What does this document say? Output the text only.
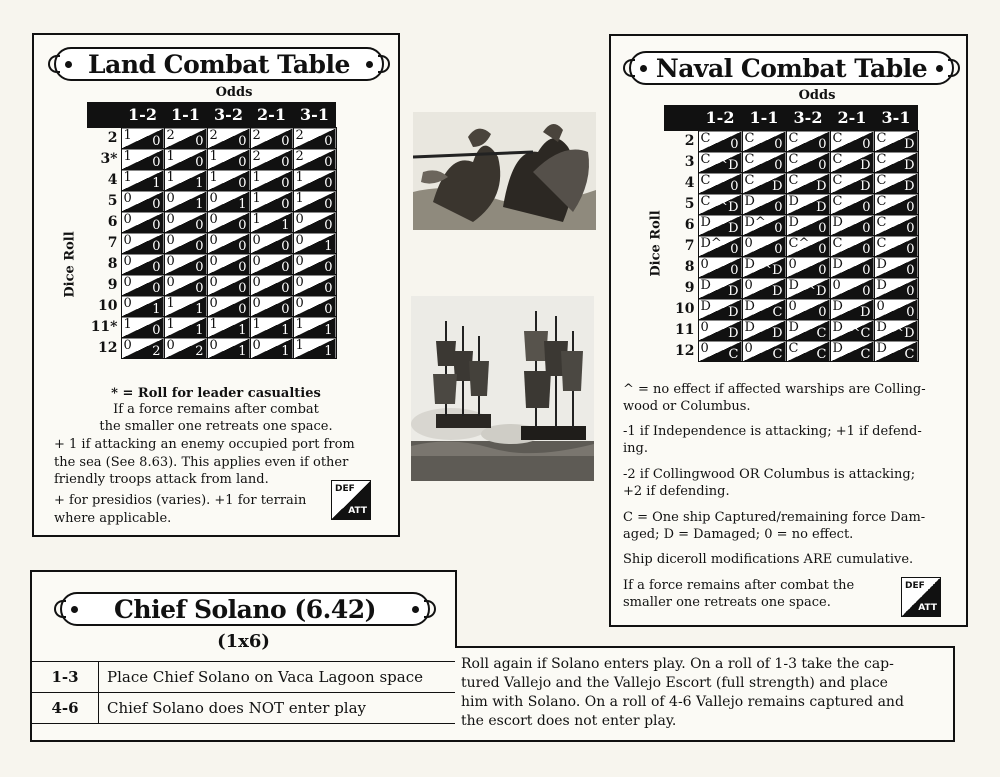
Land Combat Table
Odds
Dice Roll
	1-2	1-1	3-2	2-1	3-1
2	1 0	2 0	2 0	2 0	2 0

3*	1 0	1 0	1 0	2 0	2 0

4	1 1	1 1	1 0	1 0	1 0

5	0 0	0 1	0 1	1 0	1 0

6	0 0	0 0	0 0	1 1	0 0

7	0 0	0 0	0 0	0 0	0 1

8	0 0	0 0	0 0	0 0	0 0

9	0 0	0 0	0 0	0 0	0 0

10	0 1	1 1	0 0	0 0	0 0

11*	1 0	1 1	1 1	1 1	1 1

12	0 2	0 2	0 1	0 1	1 1
* = Roll for leader casualties
If a force remains after combat
the smaller one retreats one space.
+ 1 if attacking an enemy occupied port from
the sea (See 8.63). This applies even if other
friendly troops attack from land.
+ for presidios (varies). +1 for terrain
where applicable.
DEF
ATT
Naval Combat Table
Odds
Dice Roll
	1-2	1-1	3-2	2-1	3-1
2	C 0	C 0	C 0	C 0	C D

3	C ^D	C 0	C 0	C D	C D

4	C 0	C D	C D	C D	C D

5	C ^D	D 0	D D	C 0	C 0

6	D D	D^ 0	D 0	D 0	C 0

7	D^ 0	0 0	C^ 0	C 0	C 0

8	0 0	D ^D	0 0	D 0	D 0

9	D D	0 D	D ^D	0 0	D 0

10	D D	D C	0 0	D D	0 0

11	0 D	D D	D C	D ^C	D ^D

12	0 C	0 C	C C	D C	D C
^ = no effect if affected warships are Colling-
wood or Columbus.
-1 if Independence is attacking; +1 if defend-
ing.
-2 if Collingwood OR Columbus is attacking;
+2 if defending.
C = One ship Captured/remaining force Dam-
aged; D = Damaged; 0 = no effect.
Ship diceroll modifications ARE cumulative.
If a force remains after combat the
smaller one retreats one space.
DEF
ATT
Chief Solano (6.42)
(1x6)
1-3	Place Chief Solano on Vaca Lagoon space
4-6	Chief Solano does NOT enter play
Roll again if Solano enters play. On a roll of 1-3 take the cap-
tured Vallejo and the Vallejo Escort (full strength) and place
him with Solano. On a roll of 4-6 Vallejo remains captured and
the escort does not enter play.
